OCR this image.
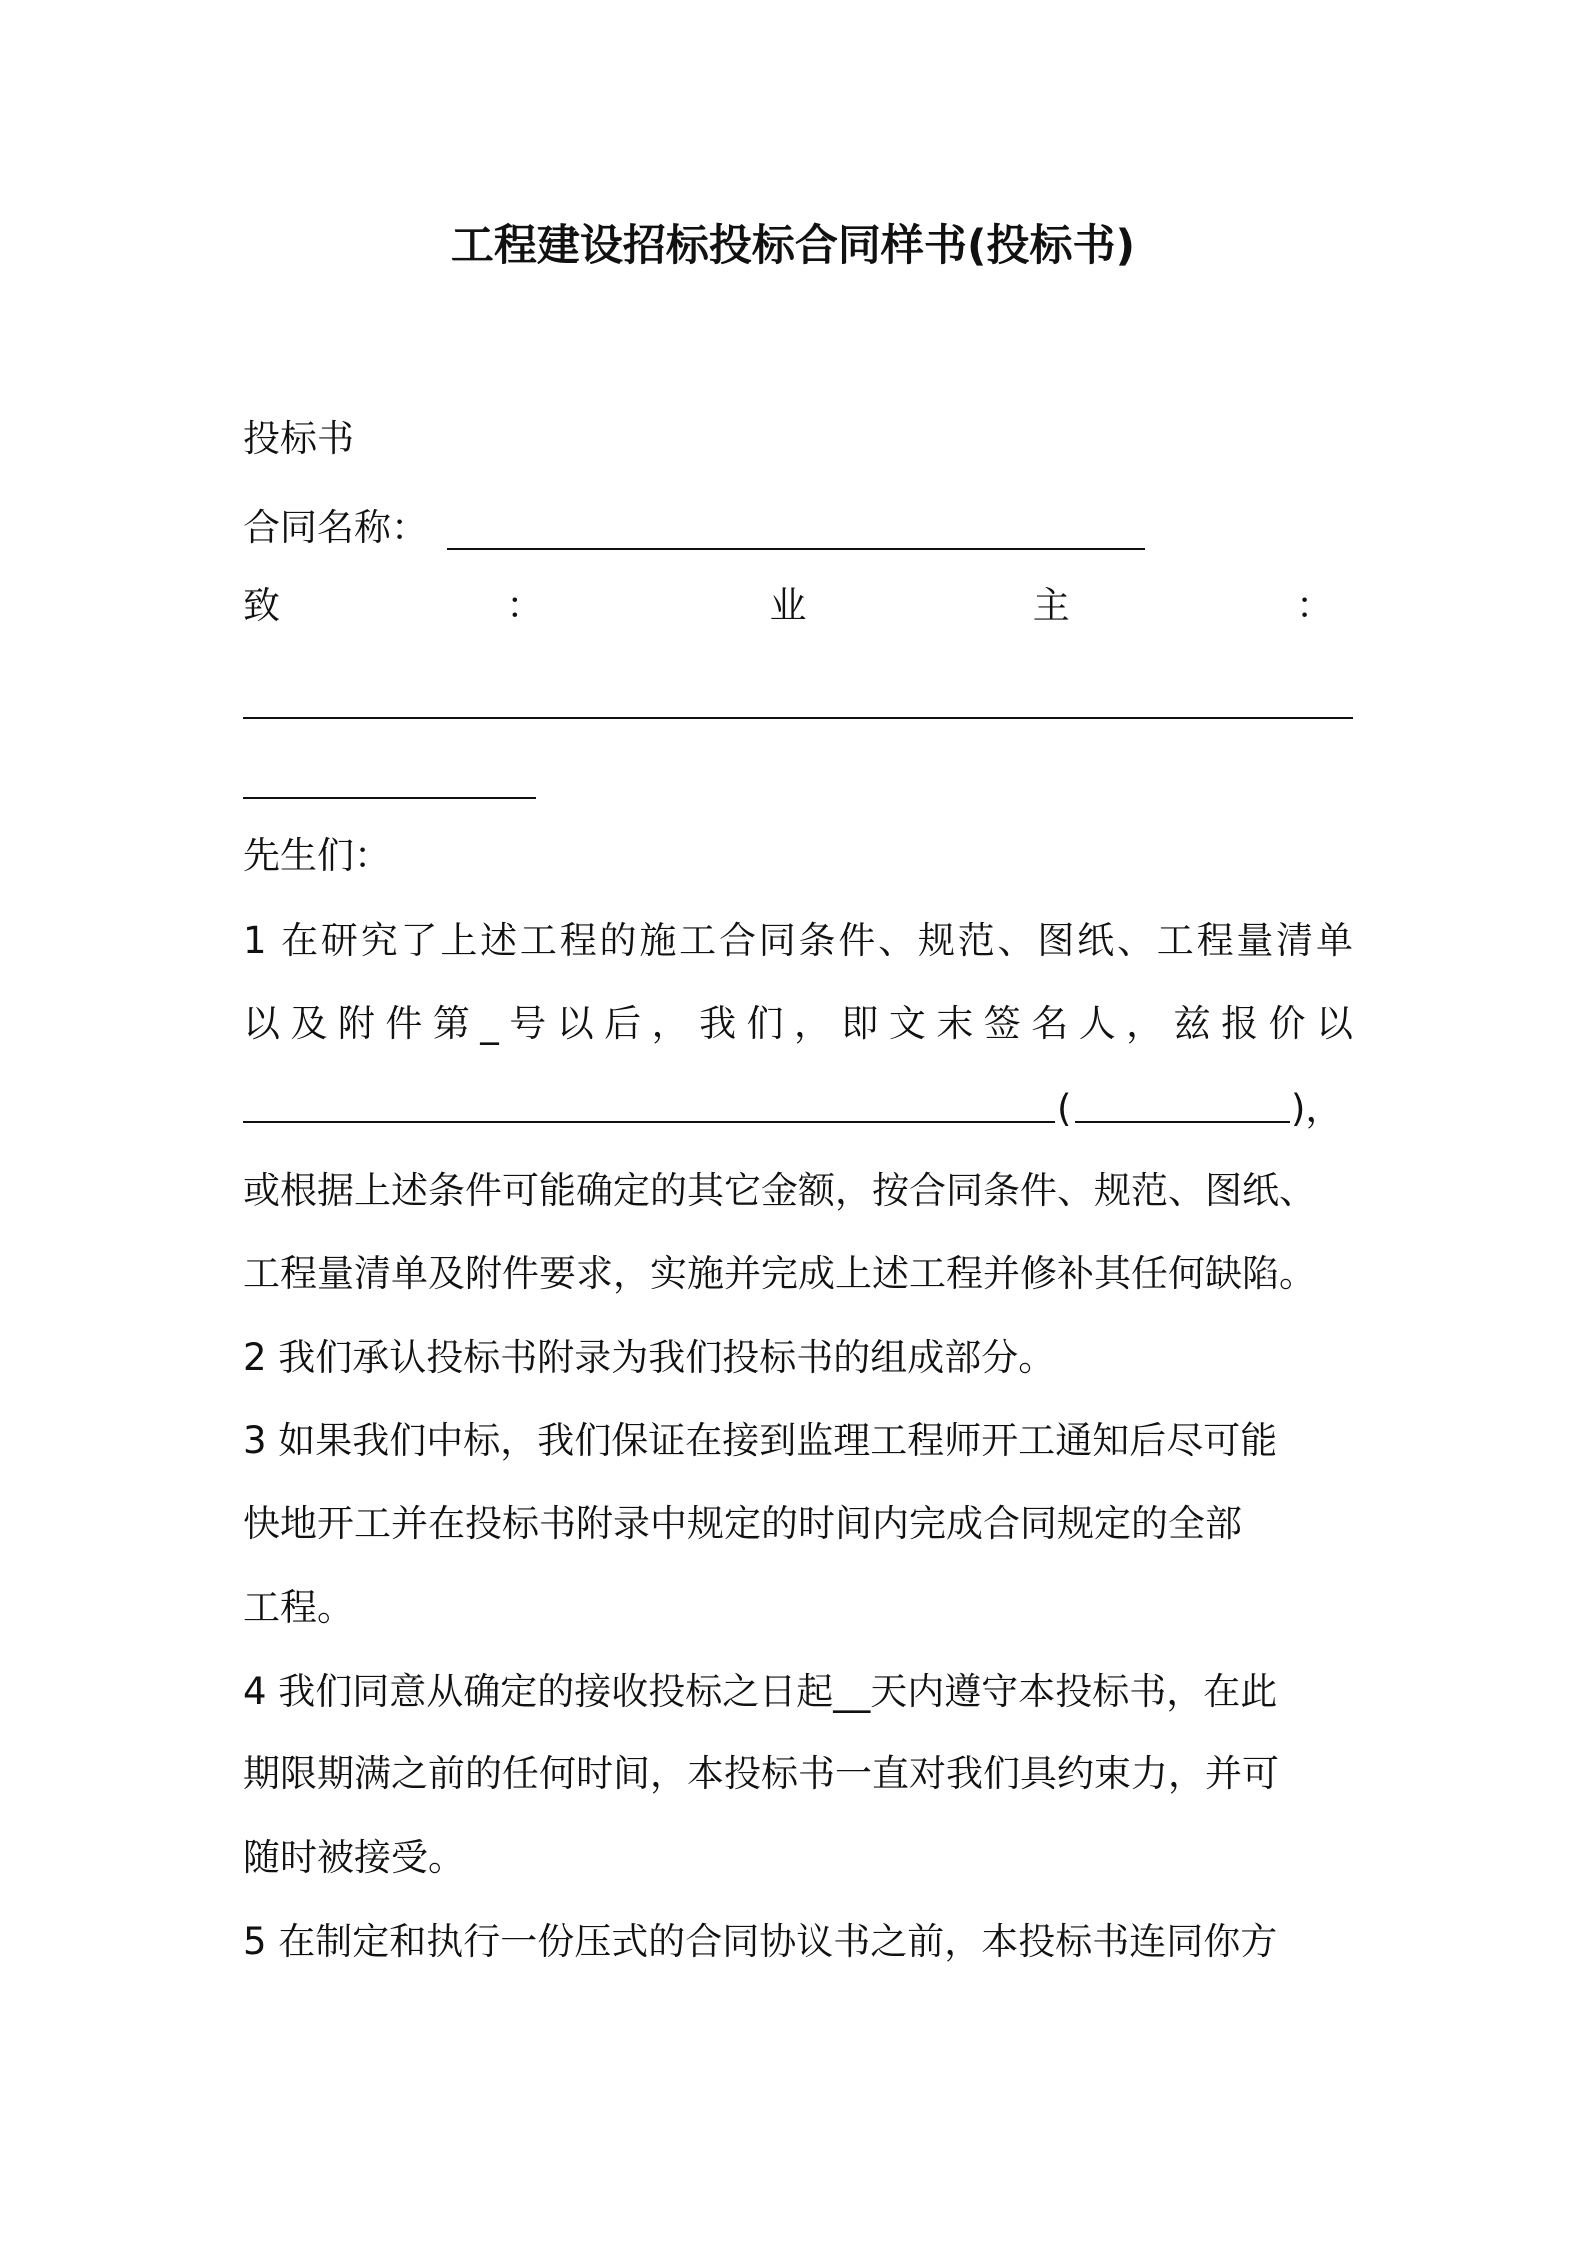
工程建设招标投标合同样书(投标书)
投标书
合同名称：
致	：	业	主	：
先生们：
1 在研究了上述工程的施工合同条件、规范、图纸、工程量清单
以及附件第_号以后，我们，即文末签名人，兹报价以
(	)，
或根据上述条件可能确定的其它金额，按合同条件、规范、图纸、
工程量清单及附件要求，实施并完成上述工程并修补其任何缺陷。
2 我们承认投标书附录为我们投标书的组成部分。
3 如果我们中标，我们保证在接到监理工程师开工通知后尽可能
快地开工并在投标书附录中规定的时间内完成合同规定的全部
工程。
4 我们同意从确定的接收投标之日起__天内遵守本投标书，在此
期限期满之前的任何时间，本投标书一直对我们具约束力，并可
随时被接受。
5 在制定和执行一份压式的合同协议书之前，本投标书连同你方
